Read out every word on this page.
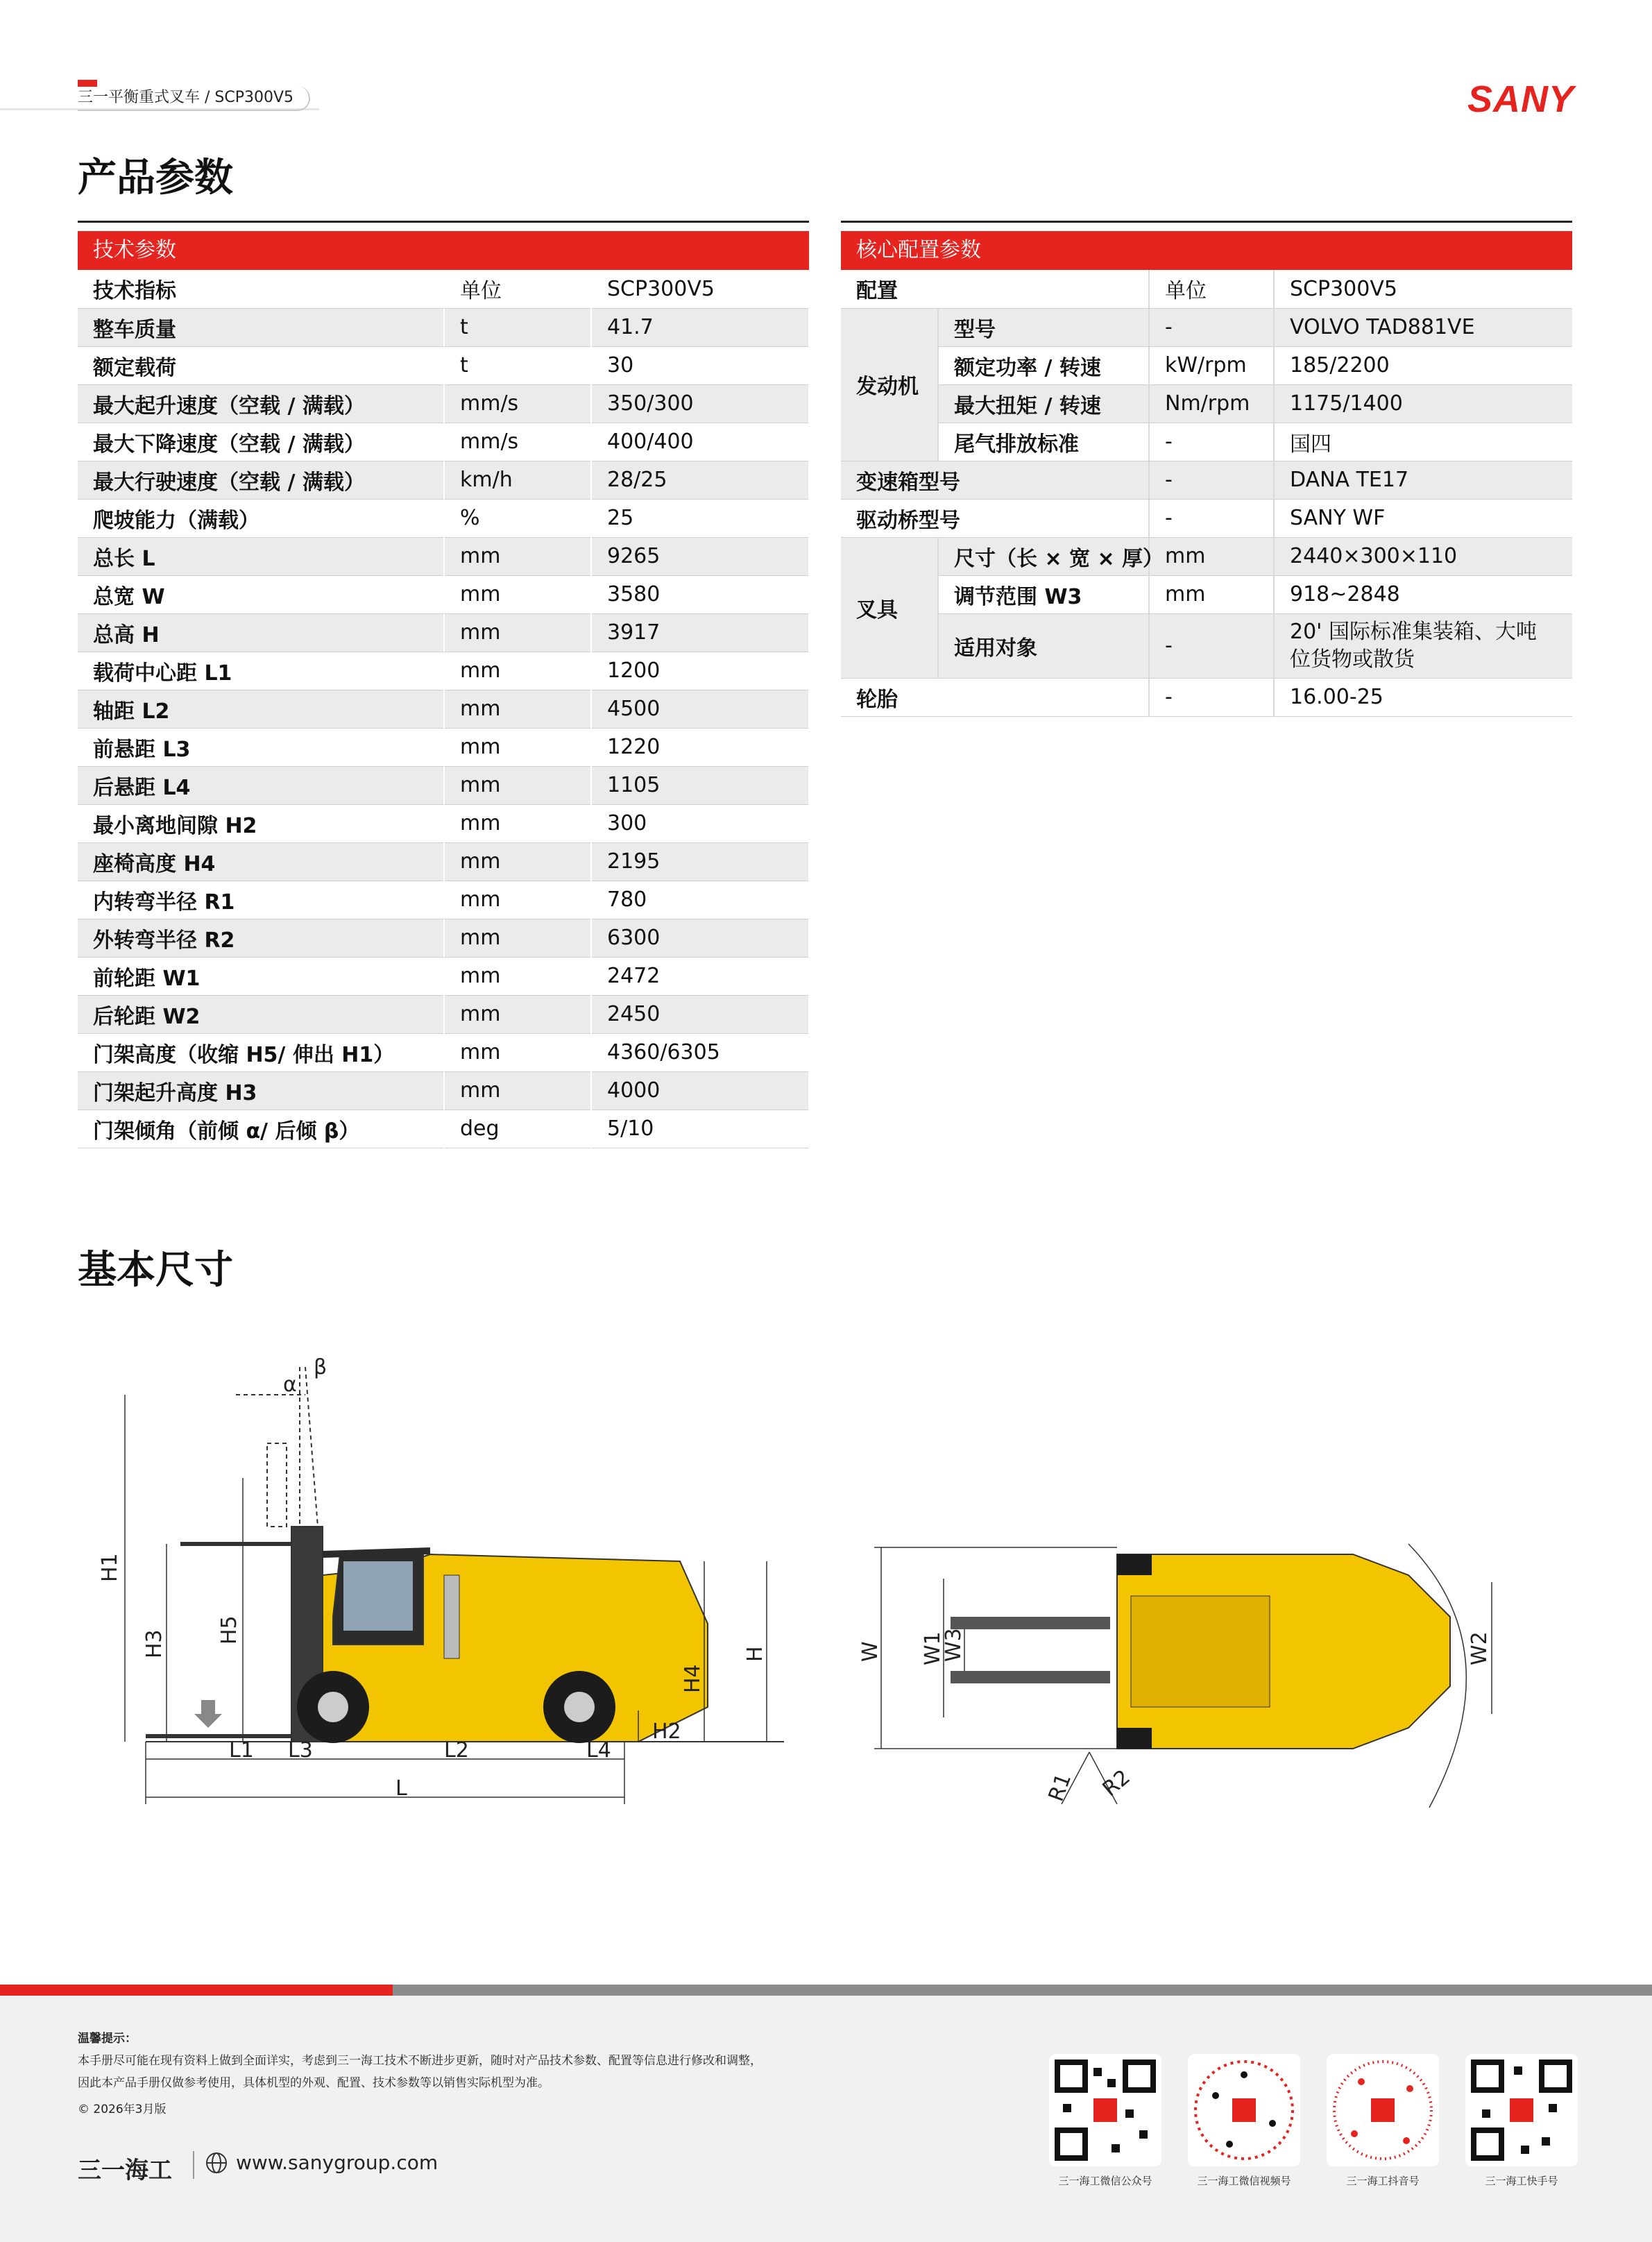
三一平衡重式叉车 / SCP300V5	SANY
产品参数
技术参数
技术指标	单位	SCP300V5
整车质量	t	41.7
额定载荷	t	30
最大起升速度（空载 / 满载）	mm/s	350/300
最大下降速度（空载 / 满载）	mm/s	400/400
最大行驶速度（空载 / 满载）	km/h	28/25
爬坡能力（满载）	%	25
总长 L	mm	9265
总宽 W	mm	3580
总高 H	mm	3917
载荷中心距 L1	mm	1200
轴距 L2	mm	4500
前悬距 L3	mm	1220
后悬距 L4	mm	1105
最小离地间隙 H2	mm	300
座椅高度 H4	mm	2195
内转弯半径 R1	mm	780
外转弯半径 R2	mm	6300
前轮距 W1	mm	2472
后轮距 W2	mm	2450
门架高度（收缩 H5/ 伸出 H1）	mm	4360/6305
门架起升高度 H3	mm	4000
门架倾角（前倾 α/ 后倾 β）	deg	5/10
核心配置参数
配置		单位	SCP300V5
发动机	型号	-	VOLVO TAD881VE
	额定功率 / 转速	kW/rpm	185/2200
	最大扭矩 / 转速	Nm/rpm	1175/1400
	尾气排放标准	-	国四
变速箱型号		-	DANA TE17
驱动桥型号		-	SANY WF
叉具	尺寸（长 × 宽 × 厚）	mm	2440×300×110
	调节范围 W3	mm	918~2848
	适用对象	-	20' 国际标准集装箱、大吨位货物或散货
轮胎		-	16.00-25
基本尺寸
H1
H3 H5
H4
H
H2
L1 L3	L2	L4
L
α
β
W W1
W3	W2
R1 R2
温馨提示：
本手册尽可能在现有资料上做到全面详实，考虑到三一海工技术不断进步更新，随时对产品技术参数、配置等信息进行修改和调整，
因此本产品手册仅做参考使用，具体机型的外观、配置、技术参数等以销售实际机型为准。
© 2026年3月版
三一海工	www.sanygroup.com
三一海工微信公众号	三一海工微信视频号	三一海工抖音号	三一海工快手号
